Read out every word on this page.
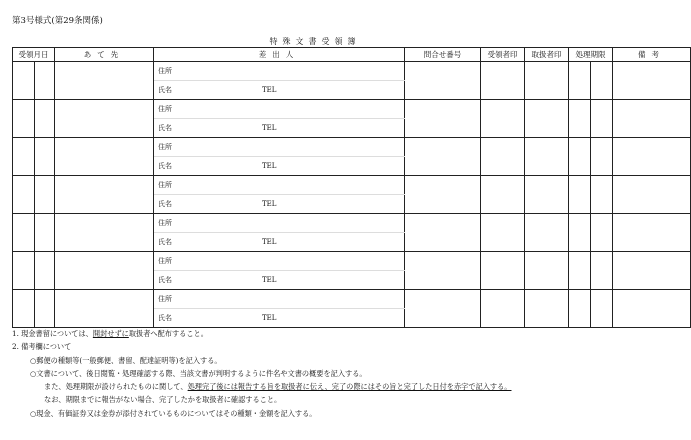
第3号様式(第29条関係)
特殊文書受領簿
受領月日		あて先	差出人	問合せ番号	受領者印	取扱者印	処理期限		備考

			住所						

			氏名 TEL						

			住所						

			氏名 TEL						

			住所						

			氏名 TEL						

			住所						

			氏名 TEL						

			住所						

			氏名 TEL						

			住所						

			氏名 TEL						

			住所						

			氏名 TEL						
1. 現金書留については、開封せずに取扱者へ配布すること。
2. 備考欄について
○郵便の種類等(一般郵便、書留、配達証明等)を記入する。
○文書について、後日閲覧・処理確認する際、当該文書が判明するように件名や文書の概要を記入する。
また、処理期限が設けられたものに関して、処理完了後には報告する旨を取扱者に伝え、完了の際にはその旨と完了した日付を赤字で記入する。
なお、期限までに報告がない場合、完了したかを取扱者に確認すること。
○現金、有価証券又は金券が添付されているものについてはその種類・金額を記入する。
